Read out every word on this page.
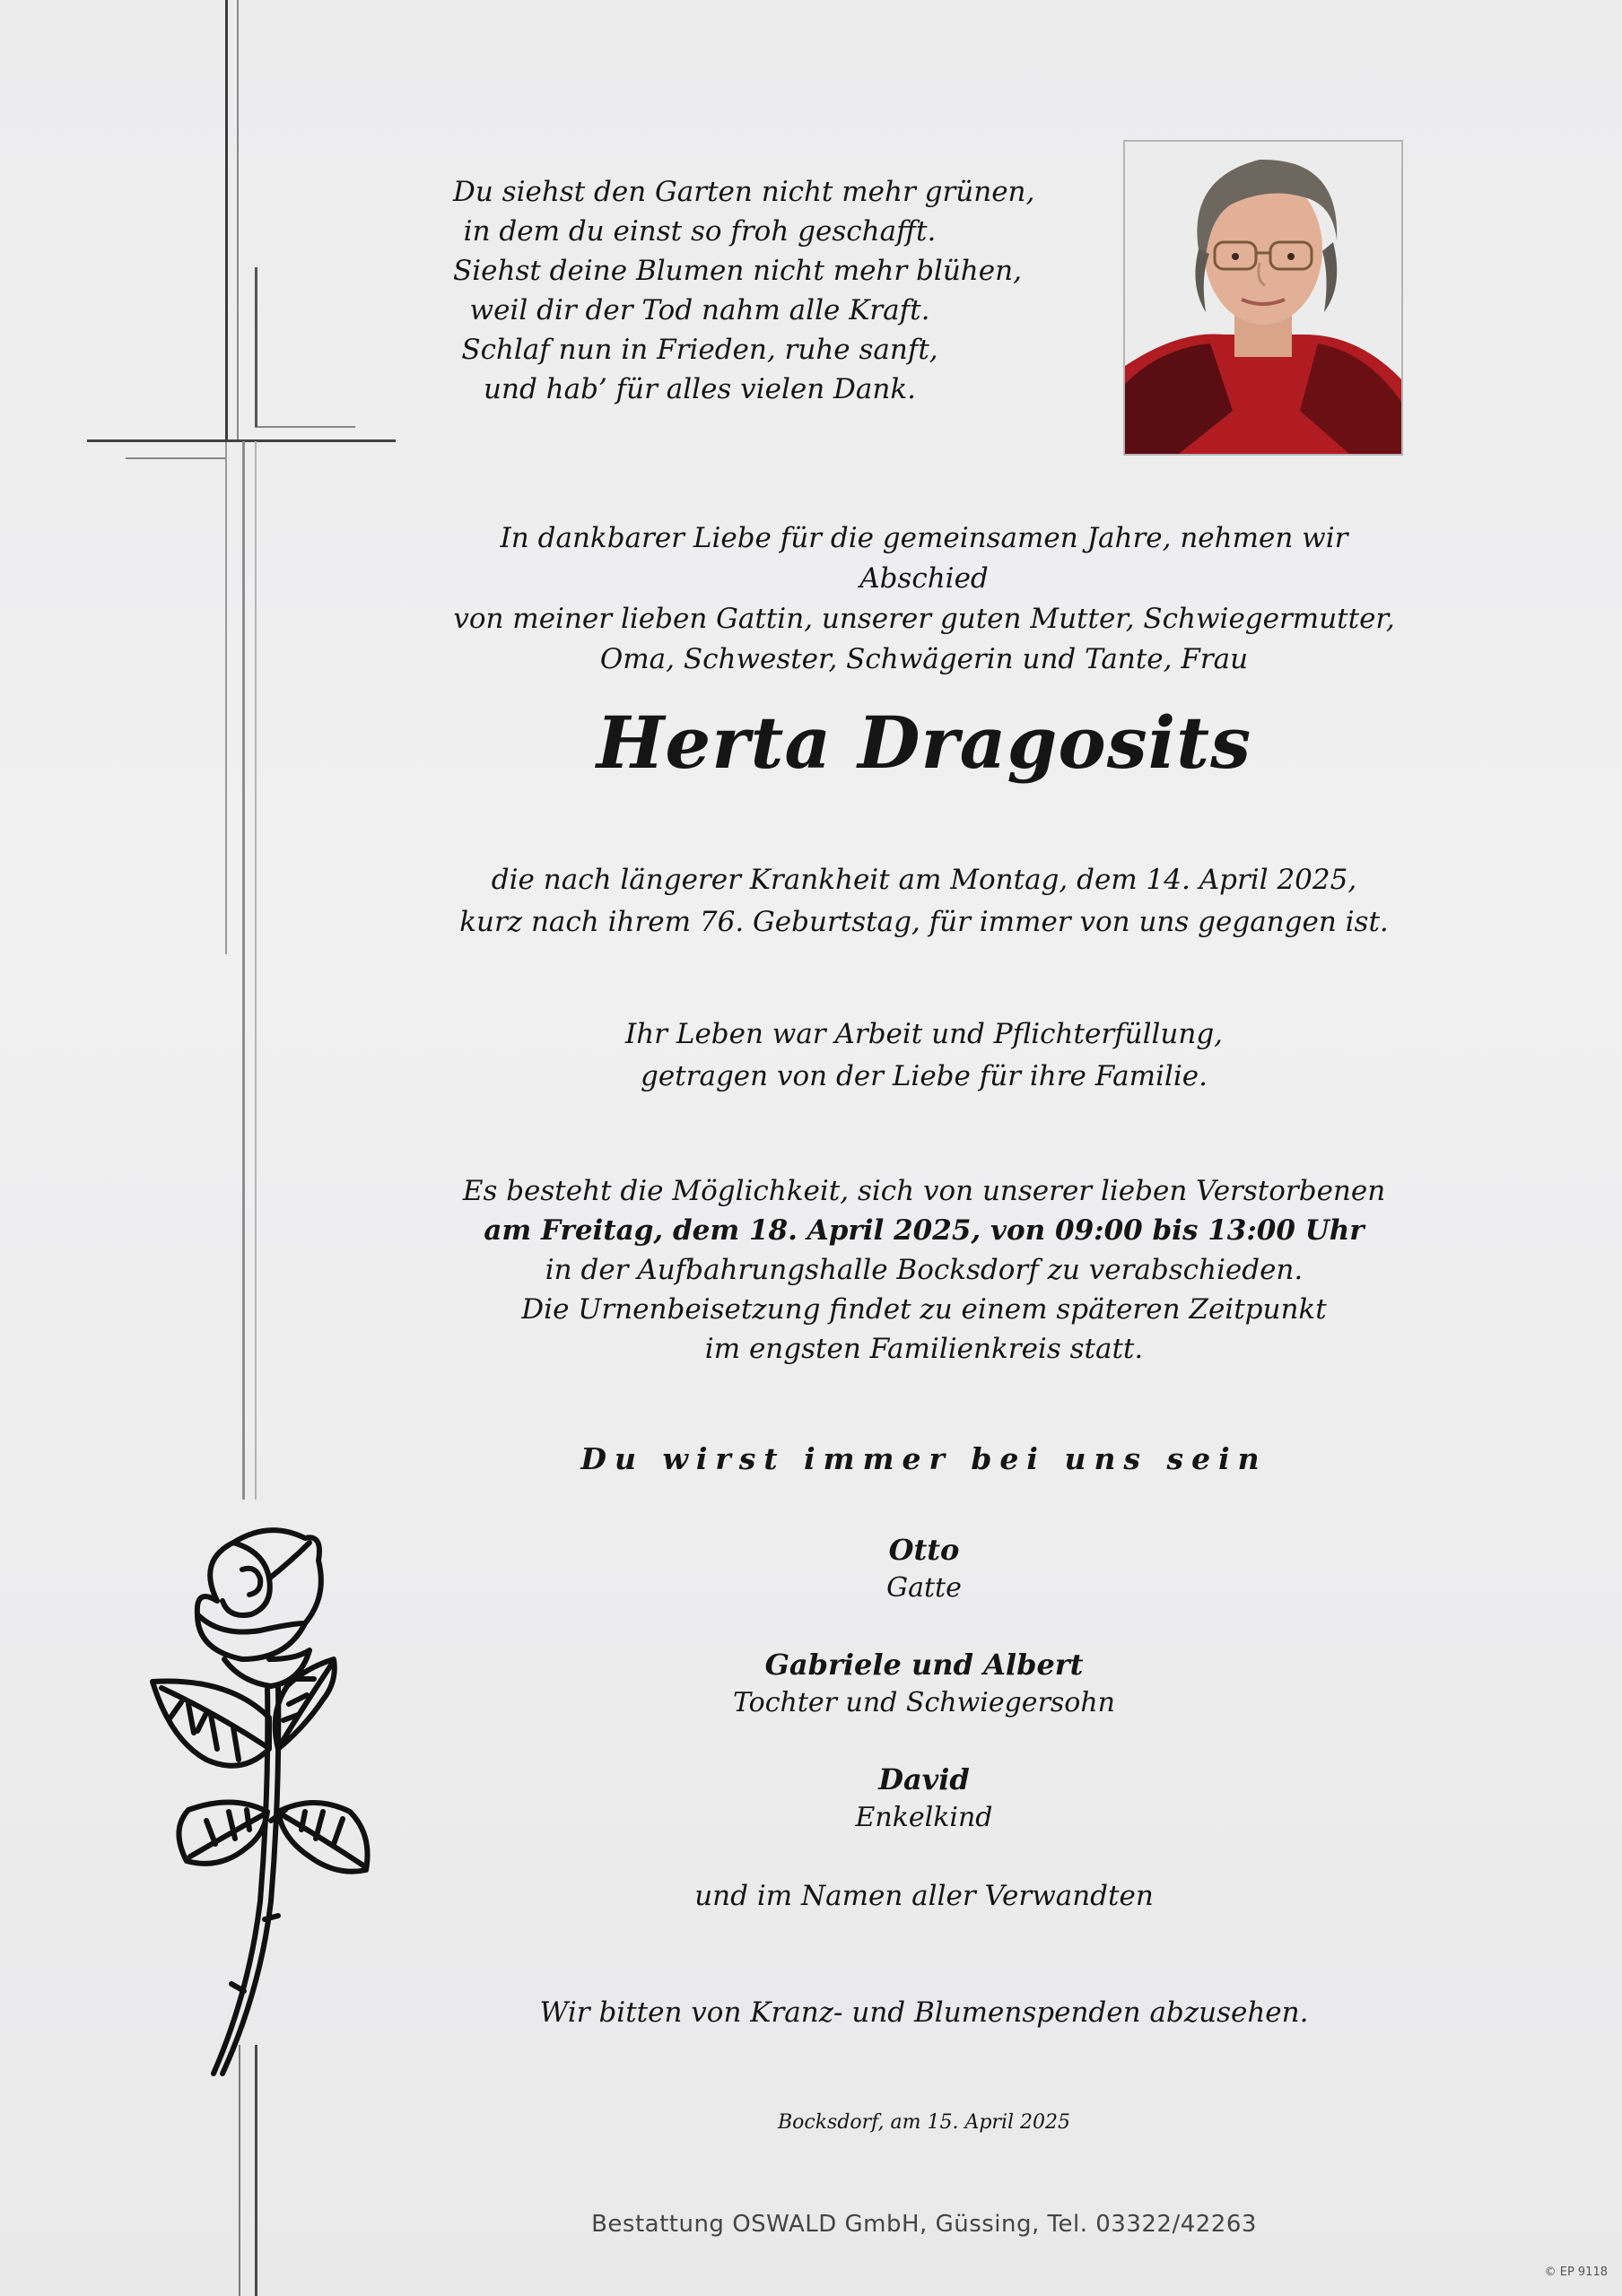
Du siehst den Garten nicht mehr grünen,
in dem du einst so froh geschafft.
Siehst deine Blumen nicht mehr blühen,
weil dir der Tod nahm alle Kraft.
Schlaf nun in Frieden, ruhe sanft,
und hab’ für alles vielen Dank.
In dankbarer Liebe für die gemeinsamen Jahre, nehmen wir Abschied
von meiner lieben Gattin, unserer guten Mutter, Schwiegermutter,
Oma, Schwester, Schwägerin und Tante, Frau
Herta Dragosits
die nach längerer Krankheit am Montag, dem 14. April 2025,
kurz nach ihrem 76. Geburtstag, für immer von uns gegangen ist.
Ihr Leben war Arbeit und Pflichterfüllung,
getragen von der Liebe für ihre Familie.
Es besteht die Möglichkeit, sich von unserer lieben Verstorbenen
am Freitag, dem 18. April 2025, von 09:00 bis 13:00 Uhr
in der Aufbahrungshalle Bocksdorf zu verabschieden.
Die Urnenbeisetzung findet zu einem späteren Zeitpunkt
im engsten Familienkreis statt.
Du wirst immer bei uns sein
Otto
Gatte
Gabriele und Albert
Tochter und Schwiegersohn
David
Enkelkind
und im Namen aller Verwandten
Wir bitten von Kranz- und Blumenspenden abzusehen.
Bocksdorf, am 15. April 2025
Bestattung OSWALD GmbH, Güssing, Tel. 03322/42263
© EP 9118
